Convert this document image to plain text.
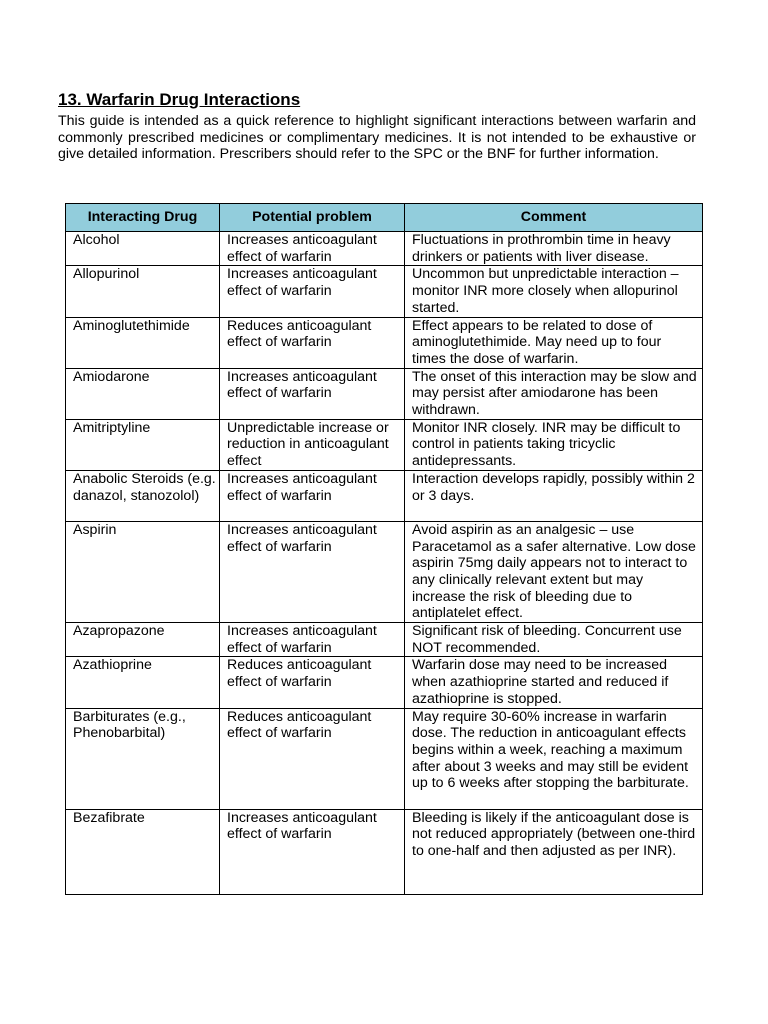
13. Warfarin Drug Interactions

This guide is intended as a quick reference to highlight significant interactions between warfarin and commonly prescribed medicines or complimentary medicines. It is not intended to be exhaustive or give detailed information. Prescribers should refer to the SPC or the BNF for further information.

Interacting Drug	Potential problem	Comment
Alcohol	Increases anticoagulant effect of warfarin	Fluctuations in prothrombin time in heavy drinkers or patients with liver disease.
Allopurinol	Increases anticoagulant effect of warfarin	Uncommon but unpredictable interaction – monitor INR more closely when allopurinol started.
Aminoglutethimide	Reduces anticoagulant effect of warfarin	Effect appears to be related to dose of aminoglutethimide. May need up to four times the dose of warfarin.
Amiodarone	Increases anticoagulant effect of warfarin	The onset of this interaction may be slow and may persist after amiodarone has been withdrawn.
Amitriptyline	Unpredictable increase or reduction in anticoagulant effect	Monitor INR closely. INR may be difficult to control in patients taking tricyclic antidepressants.
Anabolic Steroids (e.g. danazol, stanozolol)	Increases anticoagulant effect of warfarin	Interaction develops rapidly, possibly within 2 or 3 days.
Aspirin	Increases anticoagulant effect of warfarin	Avoid aspirin as an analgesic – use Paracetamol as a safer alternative. Low dose aspirin 75mg daily appears not to interact to any clinically relevant extent but may increase the risk of bleeding due to antiplatelet effect.
Azapropazone	Increases anticoagulant effect of warfarin	Significant risk of bleeding. Concurrent use NOT recommended.
Azathioprine	Reduces anticoagulant effect of warfarin	Warfarin dose may need to be increased when azathioprine started and reduced if azathioprine is stopped.
Barbiturates (e.g., Phenobarbital)	Reduces anticoagulant effect of warfarin	May require 30-60% increase in warfarin dose. The reduction in anticoagulant effects begins within a week, reaching a maximum after about 3 weeks and may still be evident up to 6 weeks after stopping the barbiturate.
Bezafibrate	Increases anticoagulant effect of warfarin	Bleeding is likely if the anticoagulant dose is not reduced appropriately (between one-third to one-half and then adjusted as per INR).
